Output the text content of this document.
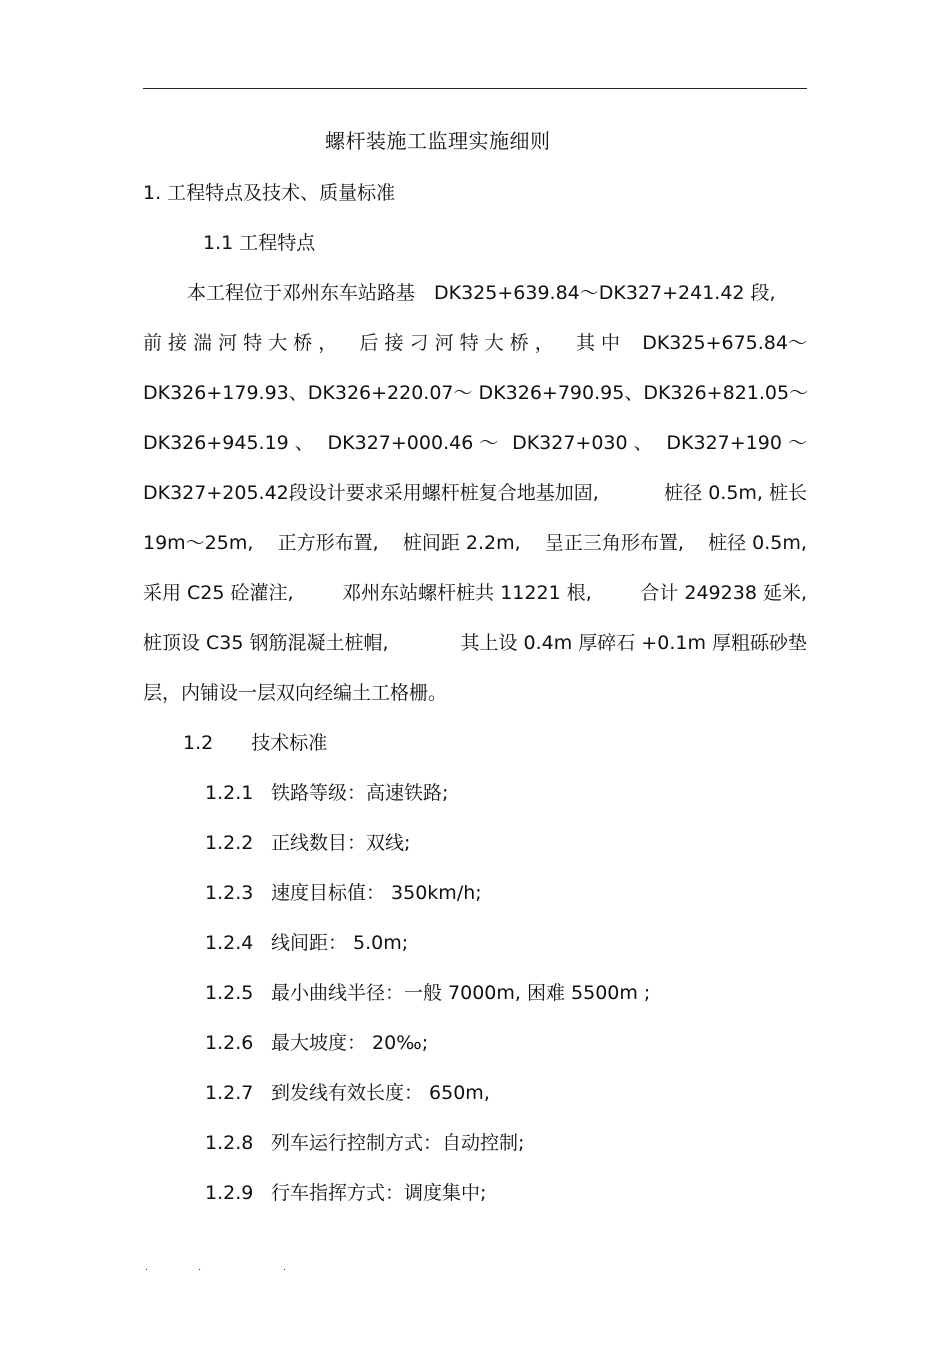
螺杆装施工监理实施细则
1. 工程特点及技术、质量标准
1.1 工程特点
本工程位于邓州东车站路基　DK325+639.84～DK327+241.42 段,
前 接 湍 河 特 大 桥 ， 后 接 刁 河 特 大 桥 ， 其 中 DK325+675.84～
DK326+179.93、 DK326+220.07～ DK326+790.95、 DK326+821.05～
DK326+945.19 、 DK327+000.46 ～ DK327+030 、 DK327+190 ～
DK327+205.42段设计要求采用螺杆桩复合地基加固,	桩径 0.5m, 桩长
19m～25m, 正方形布置, 桩间距 2.2m, 呈正三角形布置, 桩径 0.5m,
采用 C25 砼灌注,	邓州东站螺杆桩共 11221 根,	合计 249238 延米,
桩顶设 C35 钢筋混凝土桩帽,	其上设 0.4m 厚碎石 +0.1m 厚粗砾砂垫
层，内铺设一层双向经编土工格栅。
1.2　　技术标准
1.2.1 铁路等级：高速铁路;
1.2.2 正线数目：双线;
1.2.3 速度目标值： 350km/h;
1.2.4 线间距： 5.0m;
1.2.5 最小曲线半径：一般 7000m, 困难 5500m ;
1.2.6 最大坡度： 20‰;
1.2.7 到发线有效长度： 650m,
1.2.8 列车运行控制方式：自动控制;
1.2.9 行车指挥方式：调度集中;
.	.	.
